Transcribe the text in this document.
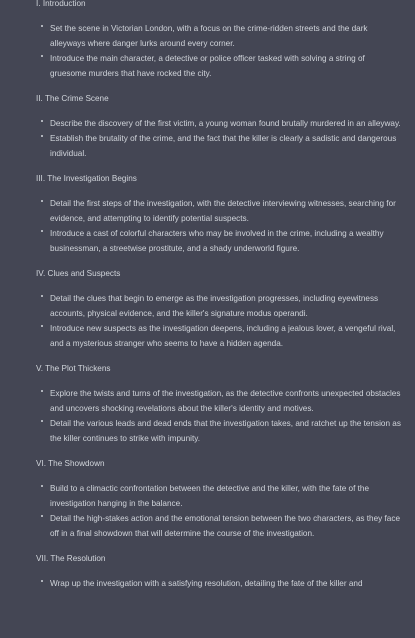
I. Introduction

Set the scene in Victorian London, with a focus on the crime-ridden streets and the dark alleyways where danger lurks around every corner.
Introduce the main character, a detective or police officer tasked with solving a string of gruesome murders that have rocked the city.

II. The Crime Scene

Describe the discovery of the first victim, a young woman found brutally murdered in an alleyway.
Establish the brutality of the crime, and the fact that the killer is clearly a sadistic and dangerous individual.

III. The Investigation Begins

Detail the first steps of the investigation, with the detective interviewing witnesses, searching for evidence, and attempting to identify potential suspects.
Introduce a cast of colorful characters who may be involved in the crime, including a wealthy businessman, a streetwise prostitute, and a shady underworld figure.

IV. Clues and Suspects

Detail the clues that begin to emerge as the investigation progresses, including eyewitness accounts, physical evidence, and the killer's signature modus operandi.
Introduce new suspects as the investigation deepens, including a jealous lover, a vengeful rival, and a mysterious stranger who seems to have a hidden agenda.

V. The Plot Thickens

Explore the twists and turns of the investigation, as the detective confronts unexpected obstacles and uncovers shocking revelations about the killer's identity and motives.
Detail the various leads and dead ends that the investigation takes, and ratchet up the tension as the killer continues to strike with impunity.

VI. The Showdown

Build to a climactic confrontation between the detective and the killer, with the fate of the investigation hanging in the balance.
Detail the high-stakes action and the emotional tension between the two characters, as they face off in a final showdown that will determine the course of the investigation.

VII. The Resolution

Wrap up the investigation with a satisfying resolution, detailing the fate of the killer and
